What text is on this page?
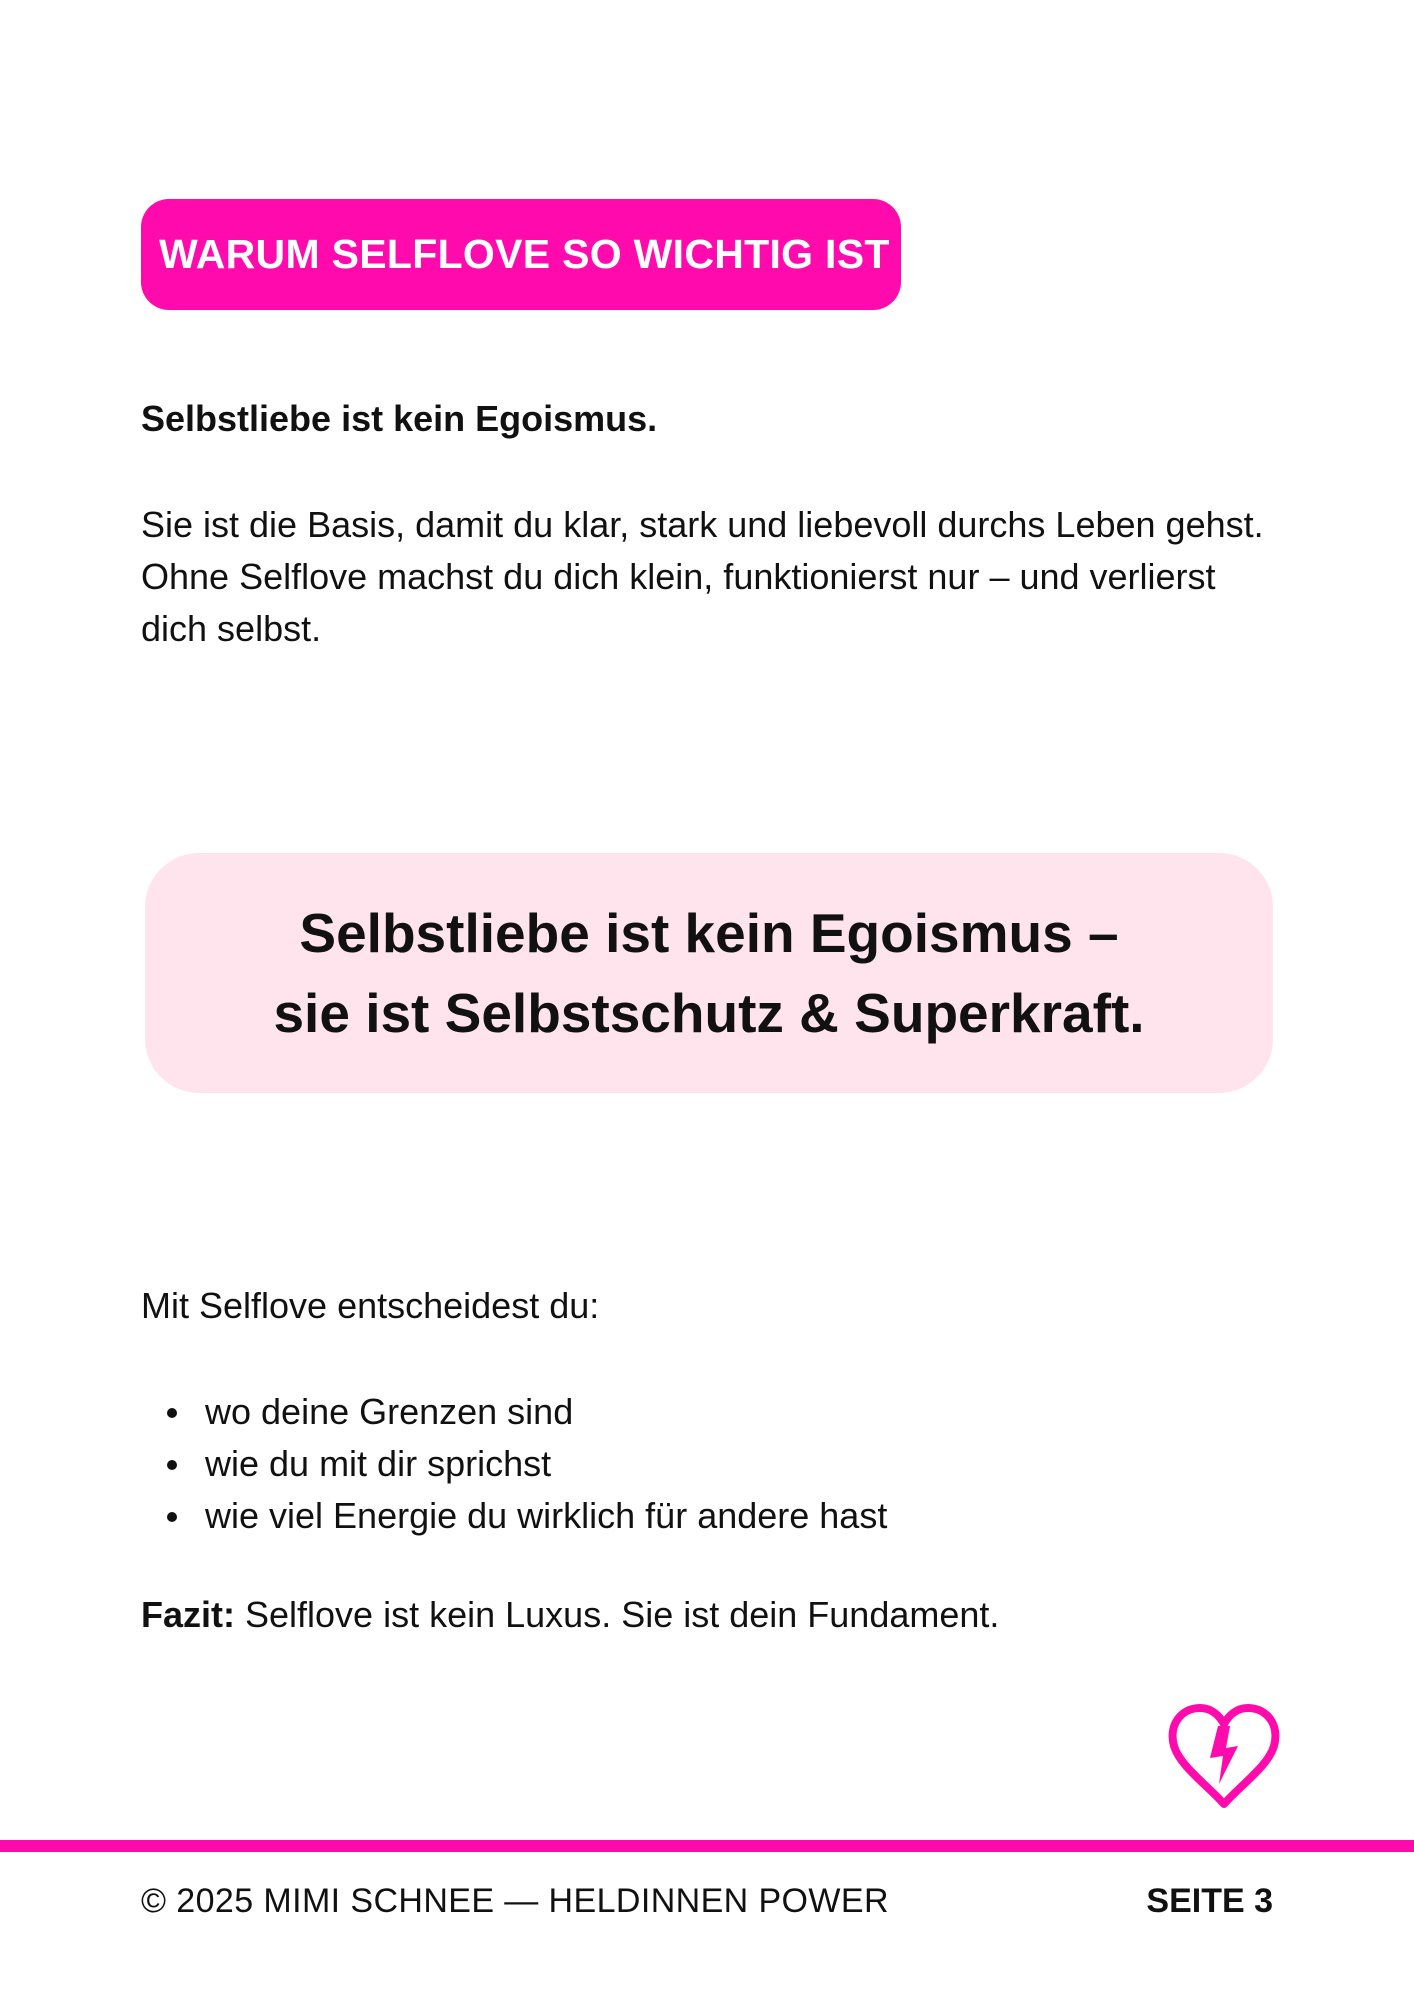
WARUM SELFLOVE SO WICHTIG IST
Selbstliebe ist kein Egoismus.

Sie ist die Basis, damit du klar, stark und liebevoll durchs Leben gehst.

Ohne Selflove machst du dich klein, funktionierst nur – und verlierst dich selbst.

Selbstliebe ist kein Egoismus –
sie ist Selbstschutz & Superkraft.
Mit Selflove entscheidest du:
wo deine Grenzen sind
wie du mit dir sprichst
wie viel Energie du wirklich für andere hast
Fazit: Selflove ist kein Luxus. Sie ist dein Fundament.
© 2025 MIMI SCHNEE — HELDINNEN POWER	SEITE 3
